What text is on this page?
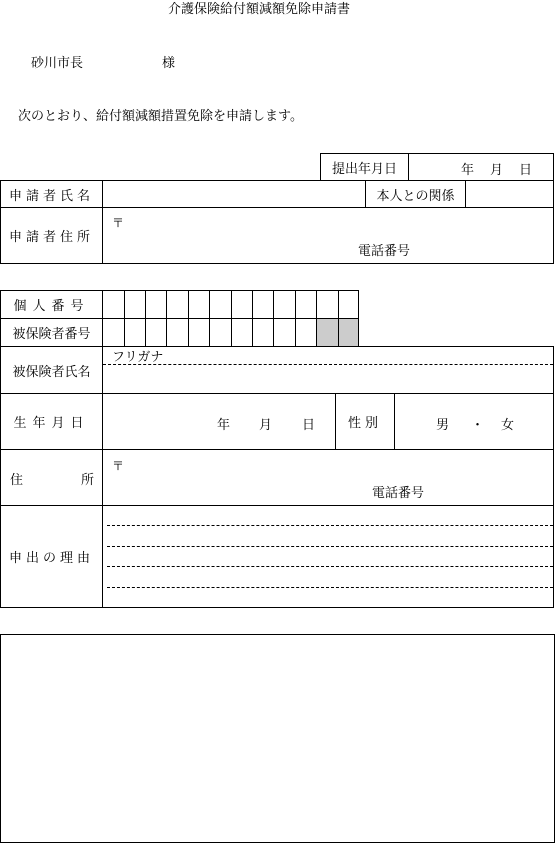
介護保険給付額減額免除申請書
砂川市長	様
次のとおり、給付額減額措置免除を申請します。
提出年月日	年 月 日
申請者氏名	本人との関係
申請者住所
〒
電話番号
個人番号
被保険者番号
被保険者氏名
フリガナ
生年月日	年 月 日	性別	男 ・ 女
住	所
〒
電話番号
申出の理由
